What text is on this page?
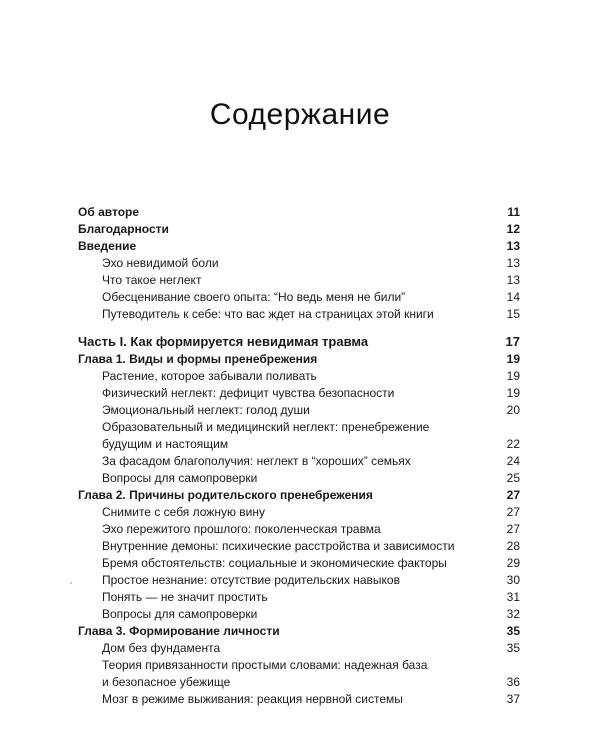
Содержание
Об авторе	11
Благодарности	12
Введение	13
Эхо невидимой боли	13
Что такое неглект	13
Обесценивание своего опыта: “Но ведь меня не били”	14
Путеводитель к себе: что вас ждет на страницах этой книги	15
Часть I. Как формируется невидимая травма	17
Глава 1. Виды и формы пренебрежения	19
Растение, которое забывали поливать	19
Физический неглект: дефицит чувства безопасности	19
Эмоциональный неглект: голод души	20
Образовательный и медицинский неглект: пренебрежение
будущим и настоящим	22
За фасадом благополучия: неглект в “хороших” семьях	24
Вопросы для самопроверки	25
Глава 2. Причины родительского пренебрежения	27
Снимите с себя ложную вину	27
Эхо пережитого прошлого: поколенческая травма	27
Внутренние демоны: психические расстройства и зависимости	28
Бремя обстоятельств: социальные и экономические факторы	29
Простое незнание: отсутствие родительских навыков	30
Понять — не значит простить	31
Вопросы для самопроверки	32
Глава 3. Формирование личности	35
Дом без фундамента	35
Теория привязанности простыми словами: надежная база
и безопасное убежище	36
Мозг в режиме выживания: реакция нервной системы	37
